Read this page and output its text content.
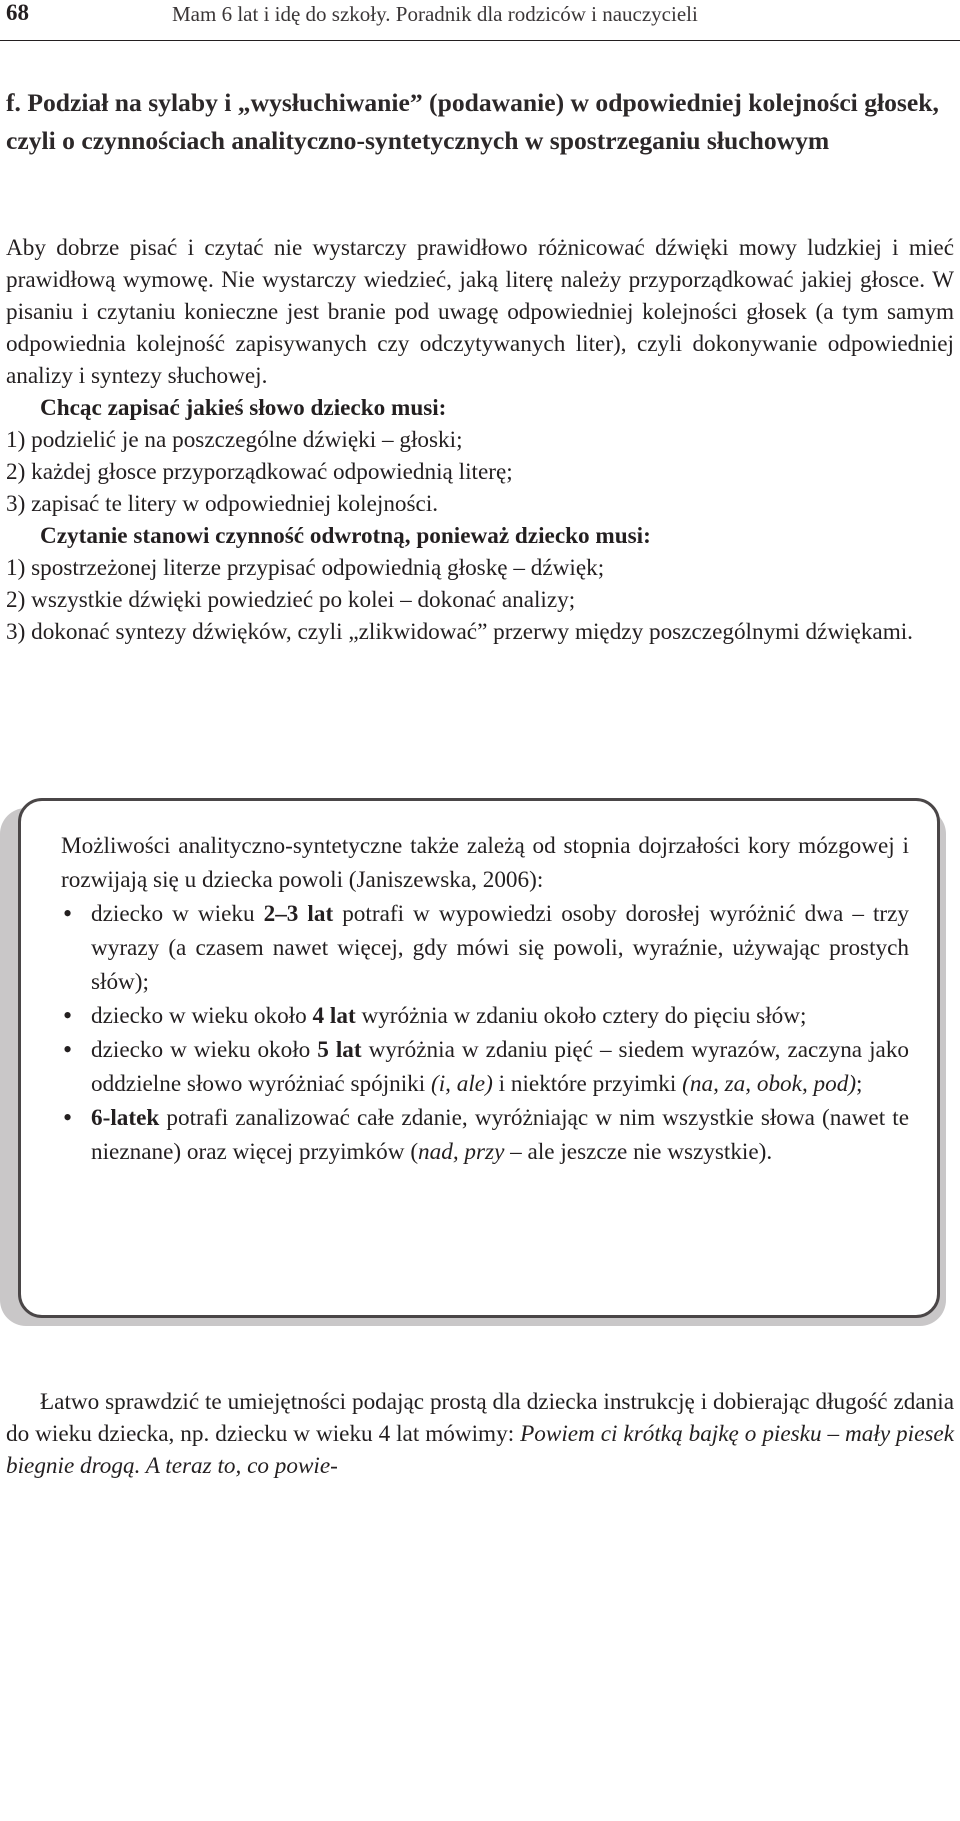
68	Mam 6 lat i idę do szkoły. Poradnik dla rodziców i nauczycieli
f. Podział na sylaby i „wysłuchiwanie” (podawanie) w odpowiedniej kolejności głosek, czyli o czynnościach analityczno-syntetycznych w spostrzeganiu słuchowym
Aby dobrze pisać i czytać nie wystarczy prawidłowo różnicować dźwięki mowy ludzkiej i mieć prawidłową wymowę. Nie wystarczy wiedzieć, jaką literę należy przyporządkować jakiej głosce. W pisaniu i czytaniu konieczne jest branie pod uwagę odpowiedniej kolejności głosek (a tym samym odpowiednia kolejność zapisywanych czy odczytywanych liter), czyli dokonywanie odpowiedniej analizy i syntezy słuchowej.
Chcąc zapisać jakieś słowo dziecko musi:
1) podzielić je na poszczególne dźwięki – głoski;
2) każdej głosce przyporządkować odpowiednią literę;
3) zapisać te litery w odpowiedniej kolejności.
Czytanie stanowi czynność odwrotną, ponieważ dziecko musi:
1) spostrzeżonej literze przypisać odpowiednią głoskę – dźwięk;
2) wszystkie dźwięki powiedzieć po kolei – dokonać analizy;
3) dokonać syntezy dźwięków, czyli „zlikwidować” przerwy między poszczególnymi dźwiękami.
Możliwości analityczno-syntetyczne także zależą od stopnia dojrzałości kory mózgowej i rozwijają się u dziecka powoli (Janiszewska, 2006):
• dziecko w wieku 2–3 lat potrafi w wypowiedzi osoby dorosłej wyróżnić dwa – trzy wyrazy (a czasem nawet więcej, gdy mówi się powoli, wyraźnie, używając prostych słów);
• dziecko w wieku około 4 lat wyróżnia w zdaniu około cztery do pięciu słów;
• dziecko w wieku około 5 lat wyróżnia w zdaniu pięć – siedem wyrazów, zaczyna jako oddzielne słowo wyróżniać spójniki (i, ale) i niektóre przyimki (na, za, obok, pod);
• 6-latek potrafi zanalizować całe zdanie, wyróżniając w nim wszystkie słowa (nawet te nieznane) oraz więcej przyimków (nad, przy – ale jeszcze nie wszystkie).
Łatwo sprawdzić te umiejętności podając prostą dla dziecka instrukcję i dobierając długość zdania do wieku dziecka, np. dziecku w wieku 4 lat mówimy: Powiem ci krótką bajkę o piesku – mały piesek biegnie drogą. A teraz to, co powie-
